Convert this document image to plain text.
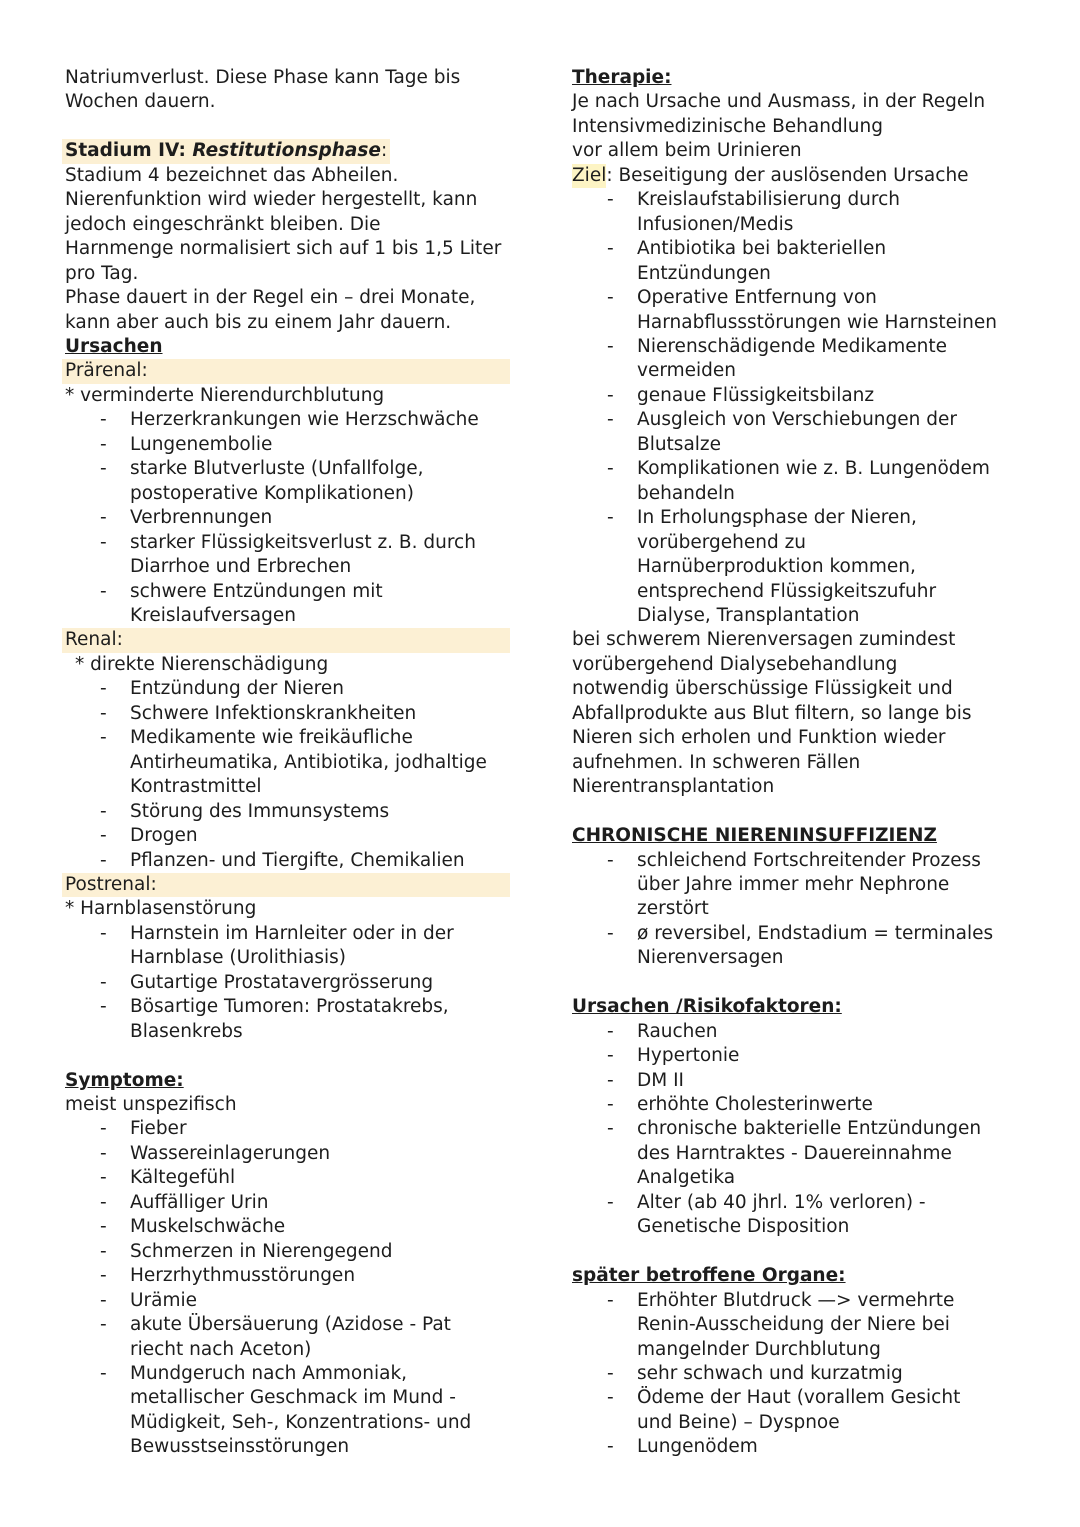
Natriumverlust. Diese Phase kann Tage bis
Wochen dauern.
Stadium IV: Restitutionsphase:
Stadium 4 bezeichnet das Abheilen.
Nierenfunktion wird wieder hergestellt, kann
jedoch eingeschränkt bleiben. Die
Harnmenge normalisiert sich auf 1 bis 1,5 Liter
pro Tag.
Phase dauert in der Regel ein – drei Monate,
kann aber auch bis zu einem Jahr dauern.
Ursachen
Prärenal:
* verminderte Nierendurchblutung
- Herzerkrankungen wie Herzschwäche
- Lungenembolie
- starke Blutverluste (Unfallfolge,
postoperative Komplikationen)
- Verbrennungen
- starker Flüssigkeitsverlust z. B. durch
Diarrhoe und Erbrechen
- schwere Entzündungen mit
Kreislaufversagen
Renal:
* direkte Nierenschädigung
- Entzündung der Nieren
- Schwere Infektionskrankheiten
- Medikamente wie freikäufliche
Antirheumatika, Antibiotika, jodhaltige
Kontrastmittel
- Störung des Immunsystems
- Drogen
- Pflanzen- und Tiergifte, Chemikalien
Postrenal:
* Harnblasenstörung
- Harnstein im Harnleiter oder in der
Harnblase (Urolithiasis)
- Gutartige Prostatavergrösserung
- Bösartige Tumoren: Prostatakrebs,
Blasenkrebs
Symptome:
meist unspezifisch
- Fieber
- Wassereinlagerungen
- Kältegefühl
- Auffälliger Urin
- Muskelschwäche
- Schmerzen in Nierengegend
- Herzrhythmusstörungen
- Urämie
- akute Übersäuerung (Azidose - Pat
riecht nach Aceton)
- Mundgeruch nach Ammoniak,
metallischer Geschmack im Mund -
Müdigkeit, Seh-, Konzentrations- und
Bewusstseinsstörungen
Therapie:
Je nach Ursache und Ausmass, in der Regeln
Intensivmedizinische Behandlung
vor allem beim Urinieren
Ziel: Beseitigung der auslösenden Ursache
- Kreislaufstabilisierung durch
Infusionen/Medis
- Antibiotika bei bakteriellen
Entzündungen
- Operative Entfernung von
Harnabflussstörungen wie Harnsteinen
- Nierenschädigende Medikamente
vermeiden
- genaue Flüssigkeitsbilanz
- Ausgleich von Verschiebungen der
Blutsalze
- Komplikationen wie z. B. Lungenödem
behandeln
- In Erholungsphase der Nieren,
vorübergehend zu
Harnüberproduktion kommen,
entsprechend Flüssigkeitszufuhr
Dialyse, Transplantation
bei schwerem Nierenversagen zumindest
vorübergehend Dialysebehandlung
notwendig überschüssige Flüssigkeit und
Abfallprodukte aus Blut filtern, so lange bis
Nieren sich erholen und Funktion wieder
aufnehmen. In schweren Fällen
Nierentransplantation
CHRONISCHE NIERENINSUFFIZIENZ
- schleichend Fortschreitender Prozess
über Jahre immer mehr Nephrone
zerstört
- ø reversibel, Endstadium = terminales
Nierenversagen
Ursachen /Risikofaktoren:
- Rauchen
- Hypertonie
- DM II
- erhöhte Cholesterinwerte
- chronische bakterielle Entzündungen
des Harntraktes - Dauereinnahme
Analgetika
- Alter (ab 40 jhrl. 1% verloren) -
Genetische Disposition
später betroffene Organe:
- Erhöhter Blutdruck —> vermehrte
Renin-Ausscheidung der Niere bei
mangelnder Durchblutung
- sehr schwach und kurzatmig
- Ödeme der Haut (vorallem Gesicht
und Beine) – Dyspnoe
- Lungenödem
